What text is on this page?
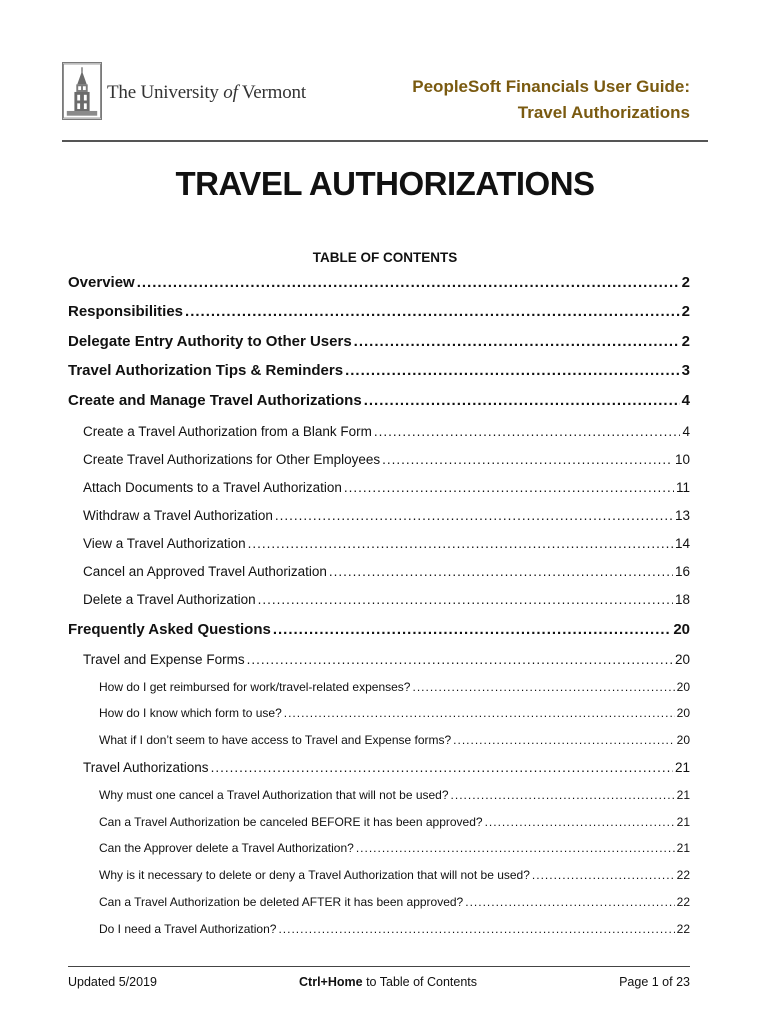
The University of Vermont	PeopleSoft Financials User Guide:
Travel Authorizations
TRAVEL AUTHORIZATIONS
TABLE OF CONTENTS
Overview .....	2
Responsibilities .....	2
Delegate Entry Authority to Other Users .....	2
Travel Authorization Tips & Reminders .....	3
Create and Manage Travel Authorizations .....	4
Create a Travel Authorization from a Blank Form .....	4
Create Travel Authorizations for Other Employees .....	10
Attach Documents to a Travel Authorization .....	11
Withdraw a Travel Authorization .....	13
View a Travel Authorization .....	14
Cancel an Approved Travel Authorization .....	16
Delete a Travel Authorization .....	18
Frequently Asked Questions .....	20
Travel and Expense Forms .....	20
How do I get reimbursed for work/travel-related expenses? .....	20
How do I know which form to use? .....	20
What if I don’t seem to have access to Travel and Expense forms? .....	20
Travel Authorizations .....	21
Why must one cancel a Travel Authorization that will not be used? .....	21
Can a Travel Authorization be canceled BEFORE it has been approved? .....	21
Can the Approver delete a Travel Authorization? .....	21
Why is it necessary to delete or deny a Travel Authorization that will not be used? .....	22
Can a Travel Authorization be deleted AFTER it has been approved? .....	22
Do I need a Travel Authorization? .....	22
Updated 5/2019	Ctrl+Home to Table of Contents	Page 1 of 23
